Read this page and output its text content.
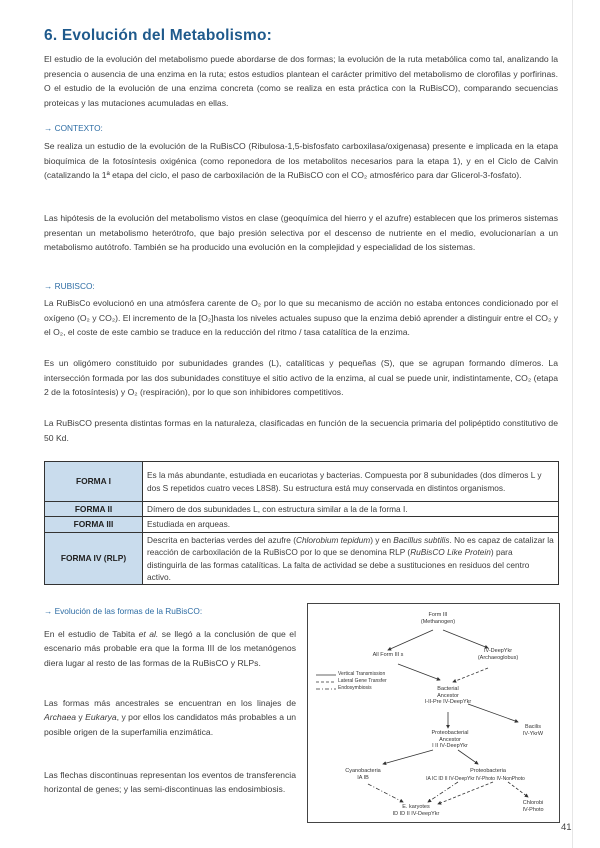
6. Evolución del Metabolismo:

El estudio de la evolución del metabolismo puede abordarse de dos formas; la evolución de la ruta metabólica como tal, analizando la presencia o ausencia de una enzima en la ruta; estos estudios plantean el carácter primitivo del metabolismo de clorofilas y porfirinas. O el estudio de la evolución de una enzima concreta (como se realiza en esta práctica con la RuBisCO), comparando secuencias proteicas y las mutaciones acumuladas en ellas.

→ CONTEXTO:

Se realiza un estudio de la evolución de la RuBisCO (Ribulosa-1,5-bisfosfato carboxilasa/oxigenasa) presente e implicada en la etapa bioquímica de la fotosíntesis oxigénica (como reponedora de los metabolitos necesarios para la etapa 1), y en el Ciclo de Calvin (catalizando la 1ª etapa del ciclo, el paso de carboxilación de la RuBisCO con el CO₂ atmosférico para dar Glicerol-3-fosfato).

Las hipótesis de la evolución del metabolismo vistos en clase (geoquímica del hierro y el azufre) establecen que los primeros sistemas presentan un metabolismo heterótrofo, que bajo presión selectiva por el descenso de nutriente en el medio, evolucionarían a un metabolismo autótrofo. También se ha producido una evolución en la complejidad y especialidad de los sistemas.

→ RUBISCO:

La RuBisCo evolucionó en una atmósfera carente de O₂ por lo que su mecanismo de acción no estaba entonces condicionado por el oxígeno (O₂ y CO₂). El incremento de la [O₂]hasta los niveles actuales supuso que la enzima debió aprender a distinguir entre el CO₂ y el O₂, el coste de este cambio se traduce en la reducción del ritmo / tasa catalítica de la enzima.

Es un oligómero constituido por subunidades grandes (L), catalíticas y pequeñas (S), que se agrupan formando dímeros. La intersección formada por las dos subunidades constituye el sitio activo de la enzima, al cual se puede unir, indistintamente, CO₂ (etapa 2 de la fotosíntesis) y O₂ (respiración), por lo que son inhibidores competitivos.

La RuBisCO presenta distintas formas en la naturaleza, clasificadas en función de la secuencia primaria del polipéptido constitutivo de 50 Kd.

FORMA I	Es la más abundante, estudiada en eucariotas y bacterias. Compuesta por 8 subunidades (dos dímeros L y dos S repetidos cuatro veces L8S8). Su estructura está muy conservada en distintos organismos.
FORMA II	Dímero de dos subunidades L, con estructura similar a la de la forma I.
FORMA III	Estudiada en arqueas.
FORMA IV (RLP)	Descrita en bacterias verdes del azufre (Chlorobium tepidum) y en Bacillus subtilis. No es capaz de catalizar la reacción de carboxilación de la RuBisCO por lo que se denomina RLP (RuBisCO Like Protein) para distinguirla de las formas catalíticas. La falta de actividad se debe a sustituciones en residuos del centro activo.
→ Evolución de las formas de la RuBisCO:

En el estudio de Tabita et al. se llegó a la conclusión de que el escenario más probable era que la forma III de los metanógenos diera lugar al resto de las formas de la RuBisCO y RLPs.

Las formas más ancestrales se encuentran en los linajes de Archaea y Eukarya, y por ellos los candidatos más probables a un posible origen de la superfamilia enzimática.

Las flechas discontinuas representan los eventos de transferencia horizontal de genes; y las semi-discontinuas las endosimbiosis.

Form III
(Methanogen)
All Form III s
IV-DeepYkr
(Archaeoglobus)
Vertical Transmission
Lateral Gene Transfer
Endosymbiosis	Bacterial
Ancestor
I-II-Pre IV-DeepYkr
Bacilis
IV-YkrW
Proteobacterial
Ancestor
I II IV-DeepYkr
Cyanobacteria
IA IB
Proteobacteria
IA IC ID II IV-DeepYkr IV-Photo IV-NonPhoto
E. karyotes
ID ID II IV-DeepYkr
Chlorobi
IV-Photo
41
